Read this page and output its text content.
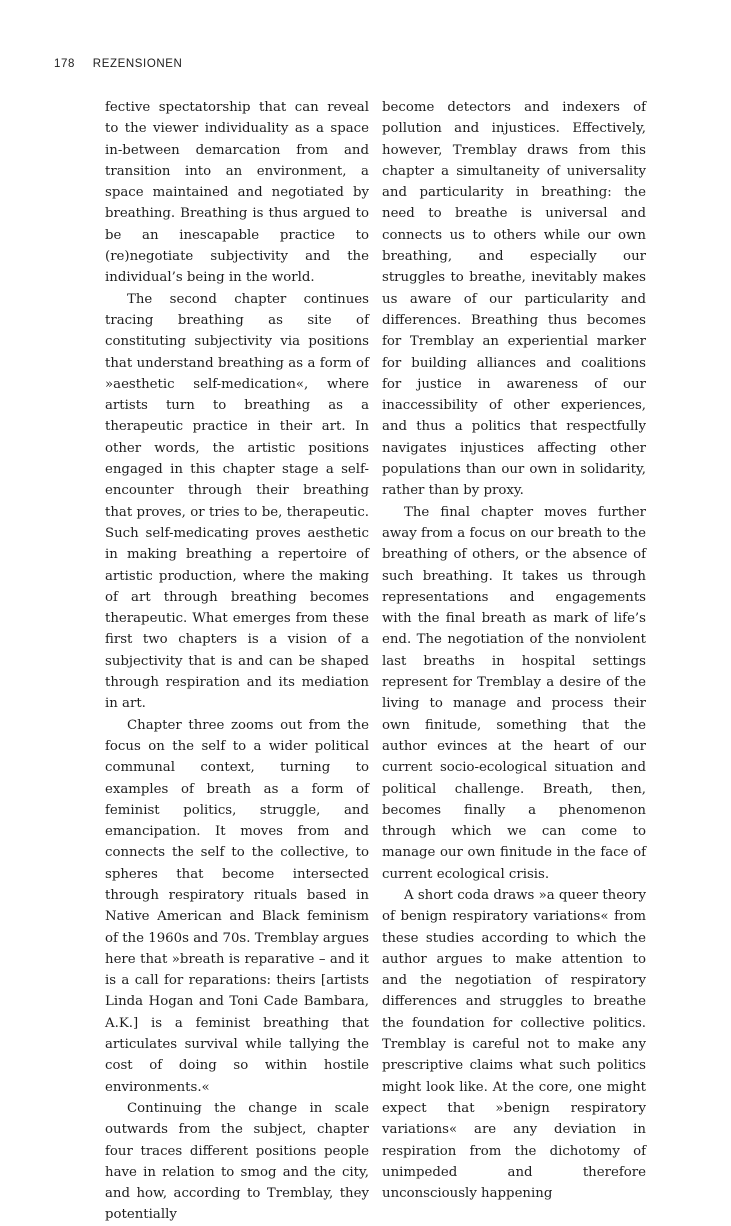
178 REZENSIONEN

fective spectatorship that can reveal to the viewer individuality as a space in-between demarcation from and transition into an environment, a space maintained and negotiated by breathing. Breathing is thus argued to be an inescapable practice to (re)negotiate subjectivity and the individual’s being in the world.

The second chapter continues tracing breathing as site of constituting subjectivity via positions that understand breathing as a form of »aesthetic self-medication«, where artists turn to breathing as a therapeutic practice in their art. In other words, the artistic positions engaged in this chapter stage a self-encounter through their breathing that proves, or tries to be, therapeutic. Such self-medicating proves aesthetic in making breathing a repertoire of artistic production, where the making of art through breathing becomes therapeutic. What emerges from these first two chapters is a vision of a subjectivity that is and can be shaped through respiration and its mediation in art.

Chapter three zooms out from the focus on the self to a wider political communal context, turning to examples of breath as a form of feminist politics, struggle, and emancipation. It moves from and connects the self to the collective, to spheres that become intersected through respiratory rituals based in Native American and Black feminism of the 1960s and 70s. Tremblay argues here that »breath is reparative – and it is a call for reparations: theirs [artists Linda Hogan and Toni Cade Bambara, A.K.] is a feminist breathing that articulates survival while tallying the cost of doing so within hostile environments.«

Continuing the change in scale outwards from the subject, chapter four traces different positions people have in relation to smog and the city, and how, according to Tremblay, they potentially

become detectors and indexers of pollution and injustices. Effectively, however, Tremblay draws from this chapter a simultaneity of universality and particularity in breathing: the need to breathe is universal and connects us to others while our own breathing, and especially our struggles to breathe, inevitably makes us aware of our particularity and differences. Breathing thus becomes for Tremblay an experiential marker for building alliances and coalitions for justice in awareness of our inaccessibility of other experiences, and thus a politics that respectfully navigates injustices affecting other populations than our own in solidarity, rather than by proxy.

The final chapter moves further away from a focus on our breath to the breathing of others, or the absence of such breathing. It takes us through representations and engagements with the final breath as mark of life’s end. The negotiation of the nonviolent last breaths in hospital settings represent for Tremblay a desire of the living to manage and process their own finitude, something that the author evinces at the heart of our current socio-ecological situation and political challenge. Breath, then, becomes finally a phenomenon through which we can come to manage our own finitude in the face of current ecological crisis.

A short coda draws »a queer theory of benign respiratory variations« from these studies according to which the author argues to make attention to and the negotiation of respiratory differences and struggles to breathe the foundation for collective politics. Tremblay is careful not to make any prescriptive claims what such politics might look like. At the core, one might expect that »benign respiratory variations« are any deviation in respiration from the dichotomy of unimpeded and therefore unconsciously happening
